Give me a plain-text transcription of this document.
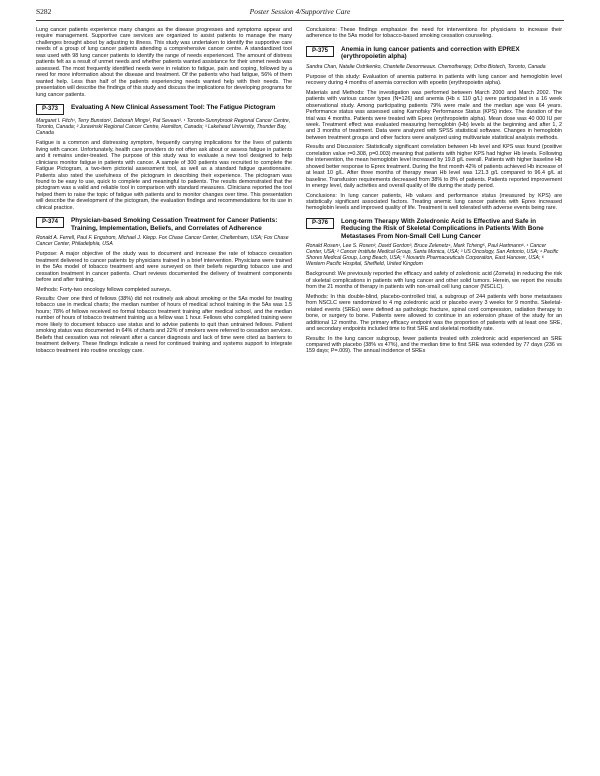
S282	Poster Session 4/Supportive Care

Lung cancer patients experience many changes as the disease progresses and symptoms appear and require management. Supportive care services are organized to assist patients to manage the many challenges brought about by adjusting to illness. This study was undertaken to identify the supportive care needs of a group of lung cancer patients attending a comprehensive cancer centre. A standardized tool was used with 98 lung cancer patients to identify the range of needs experienced. The amount of distress patients felt as a result of unmet needs and whether patients wanted assistance for their unmet needs was assessed. The most frequently identified needs were in relation to fatigue, pain and coping, followed by a need for more information about the disease and treatment. Of the patients who had fatigue, 56% of them wanted help. Less than half of the patients experiencing needs wanted help with their needs. The presentation will describe the findings of this study and discuss the implications for developing programs for lung cancer patients.

P-373	Evaluating A New Clinical Assessment Tool: The Fatigue Pictogram
Margaret I. Fitch¹, Terry Bunston², Deborah Mings², Pat Sevean³. ¹ Toronto-Sunnybrook Regional Cancer Centre, Toronto, Canada; ² Juravinski Regional Cancer Centre, Hamilton, Canada; ³ Lakehead University, Thunder Bay, Canada

Fatigue is a common and distressing symptom, frequently carrying implications for the lives of patients living with cancer. Unfortunately, health care providers do not often ask about or assess fatigue in patients and it remains under-treated. The purpose of this study was to evaluate a new tool designed to help clinicians monitor fatigue in patients with cancer. A sample of 300 patients was recruited to complete the Fatigue Pictogram, a two-item pictorial assessment tool, as well as a standard fatigue questionnaire. Patients also rated the usefulness of the pictogram in describing their experience. The pictogram was found to be easy to use, quick to complete and meaningful to patients. The results demonstrated that the pictogram was a valid and reliable tool in comparison with standard measures. Clinicians reported the tool helped them to raise the topic of fatigue with patients and to monitor changes over time. This presentation will describe the development of the pictogram, the evaluation findings and recommendations for its use in clinical practice.

P-374	Physician-based Smoking Cessation Treatment for Cancer Patients: Training, Implementation, Beliefs, and Correlates of Adherence
Ronald A. Ferrell, Paul F. Engstrom, Michael J. Klepp. Fox Chase Cancer Center, Cheltenham, USA; Fox Chase Cancer Center, Philadelphia, USA

Purpose: A major objective of the study was to document and increase the rate of tobacco cessation treatment delivered to cancer patients by physicians trained in a brief intervention. Physicians were trained in the 5As model of tobacco treatment and were surveyed on their beliefs regarding tobacco use and cessation treatment in cancer patients. Chart reviews documented the delivery of treatment components before and after training.

Methods: Forty-two oncology fellows completed surveys.

Results: Over one third of fellows (38%) did not routinely ask about smoking or the 5As model for treating tobacco use in medical charts; the median number of hours of medical school training in the 5As was 1.5 hours; 78% of fellows received no formal tobacco treatment training after medical school, and the median number of hours of tobacco treatment training as a fellow was 1 hour. Fellows who completed training were more likely to document tobacco use status and to advise patients to quit than untrained fellows. Patient smoking status was documented in 64% of charts and 22% of smokers were referred to cessation services. Beliefs that cessation was not relevant after a cancer diagnosis and lack of time were cited as barriers to treatment delivery. These findings indicate a need for continued training and systems support to integrate tobacco treatment into routine oncology care.

Conclusions: These findings emphasize the need for interventions for physicians to increase their adherence to the 5As model for tobacco-based smoking cessation counseling.

P-375	Anemia in lung cancer patients and correction with EPREX (erythropoietin alpha)
Sandra Chan, Natalie Ostrikenko, Chantelle Desormeaux. Chemotherapy, Ortho Biotech, Toronto, Canada

Purpose of this study: Evaluation of anemia patterns in patients with lung cancer and hemoglobin level recovery during 4 months of anemia correction with epoetin (erythropoietin alpha).

Materials and Methods: The investigation was performed between March 2000 and March 2002. The patients with various cancer types (N=126) and anemia (Hb ≤ 110 g/L) were participated in a 16 week observational study. Among participating patients 79% were male and the median age was 64 years. Performance status was assessed using Karnofsky Performance Status (KPS) index. The duration of the trial was 4 months. Patients were treated with Eprex (erythropoietin alpha). Mean dose was 40 000 IU per week. Treatment effect was evaluated measuring hemoglobin (Hb) levels at the beginning and after 1, 2 and 3 months of treatment. Data were analyzed with SPSS statistical software. Changes in hemoglobin between treatment groups and other factors were analyzed using multivariate statistical analysis methods.

Results and Discussion: Statistically significant correlation between Hb level and KPS was found (positive correlation value r=0.308, p=0.003) meaning that patients with higher KPS had higher Hb levels. Following the intervention, the mean hemoglobin level increased by 19.8 g/L overall. Patients with higher baseline Hb showed better response to Eprex treatment. During the first month 42% of patients achieved Hb increase of at least 10 g/L. After three months of therapy mean Hb level was 121.3 g/L compared to 96.4 g/L at baseline. Transfusion requirements decreased from 38% to 8% of patients. Patients reported improvement in energy level, daily activities and overall quality of life during the study period.

Conclusions: In lung cancer patients, Hb values and performance status (measured by KPS) are statistically significant associated factors. Treating anemic lung cancer patients with Eprex increased hemoglobin levels and improved quality of life. Treatment is well tolerated with adverse events being rare.

P-376	Long-term Therapy With Zoledronic Acid Is Effective and Safe in Reducing the Risk of Skeletal Complications in Patients With Bone Metastases From Non-Small Cell Lung Cancer
Ronald Rosen¹, Lee S. Rosen², David Gordon³, Bruce Zelenetz⁴, Mark Tcheng⁵, Paul Hartmann⁶. ¹ Cancer Center, USA; ² Cancer Institute Medical Group, Santa Monica, USA; ³ US Oncology, San Antonio, USA; ⁴ Pacific Shores Medical Group, Long Beach, USA; ⁵ Novartis Pharmaceuticals Corporation, East Hanover, USA; ⁶ Western Pacific Hospital, Sheffield, United Kingdom

Background: We previously reported the efficacy and safety of zoledronic acid (Zometa) in reducing the risk of skeletal complications in patients with lung cancer and other solid tumors. Herein, we report the results from the 21 months of therapy in patients with non-small cell lung cancer (NSCLC).

Methods: In this double-blind, placebo-controlled trial, a subgroup of 244 patients with bone metastases from NSCLC were randomized to 4 mg zoledronic acid or placebo every 3 weeks for 9 months. Skeletal-related events (SREs) were defined as pathologic fracture, spinal cord compression, radiation therapy to bone, or surgery to bone. Patients were allowed to continue in an extension phase of the study for an additional 12 months. The primary efficacy endpoint was the proportion of patients with at least one SRE, and secondary endpoints included time to first SRE and skeletal morbidity rate.

Results: In the lung cancer subgroup, fewer patients treated with zoledronic acid experienced an SRE compared with placebo (38% vs 47%), and the median time to first SRE was extended by 77 days (236 vs 159 days; P=.009). The annual incidence of SREs
